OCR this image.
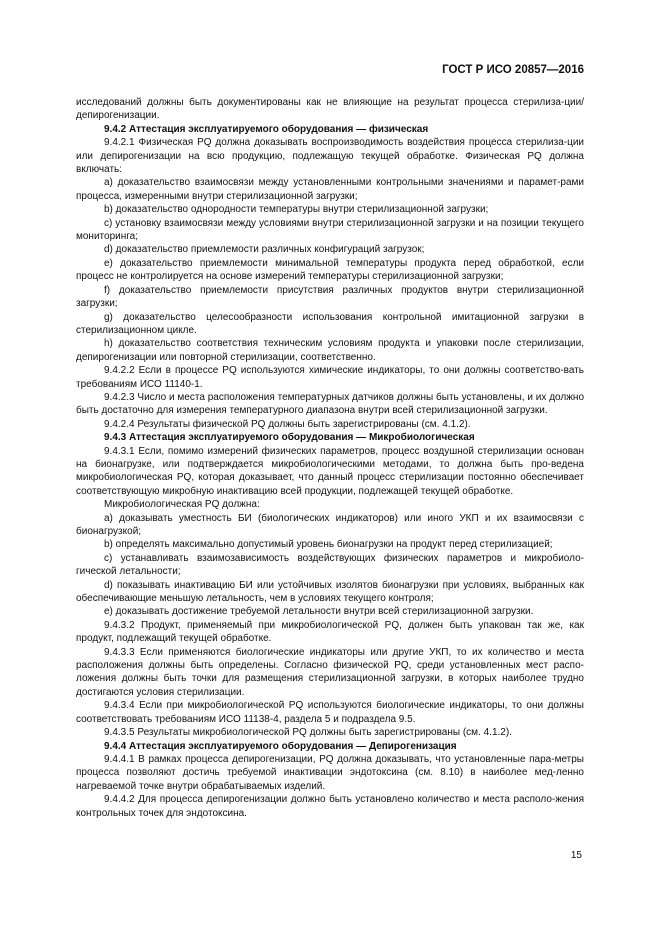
ГОСТ Р ИСО 20857—2016

исследований должны быть документированы как не влияющие на результат процесса стерилиза-ции/депирогенизации.

9.4.2 Аттестация эксплуатируемого оборудования — физическая

9.4.2.1 Физическая PQ должна доказывать воспроизводимость воздействия процесса стерилиза-ции или депирогенизации на всю продукцию, подлежащую текущей обработке. Физическая PQ должна включать:

a) доказательство взаимосвязи между установленными контрольными значениями и парамет-рами процесса, измеренными внутри стерилизационной загрузки;

b) доказательство однородности температуры внутри стерилизационной загрузки;

c) установку взаимосвязи между условиями внутри стерилизационной загрузки и на позиции текущего мониторинга;

d) доказательство приемлемости различных конфигураций загрузок;

e) доказательство приемлемости минимальной температуры продукта перед обработкой, если процесс не контролируется на основе измерений температуры стерилизационной загрузки;

f) доказательство приемлемости присутствия различных продуктов внутри стерилизационной загрузки;

g) доказательство целесообразности использования контрольной имитационной загрузки в стерилизационном цикле.

h) доказательство соответствия техническим условиям продукта и упаковки после стерилизации, депирогенизации или повторной стерилизации, соответственно.

9.4.2.2 Если в процессе PQ используются химические индикаторы, то они должны соответство-вать требованиям ИСО 11140-1.

9.4.2.3 Число и места расположения температурных датчиков должны быть установлены, и их должно быть достаточно для измерения температурного диапазона внутри всей стерилизационной загрузки.

9.4.2.4 Результаты физической PQ должны быть зарегистрированы (см. 4.1.2).

9.4.3 Аттестация эксплуатируемого оборудования — Микробиологическая

9.4.3.1 Если, помимо измерений физических параметров, процесс воздушной стерилизации основан на бионагрузке, или подтверждается микробиологическими методами, то должна быть про-ведена микробиологическая PQ, которая доказывает, что данный процесс стерилизации постоянно обеспечивает соответствующую микробную инактивацию всей продукции, подлежащей текущей обработке.

Микробиологическая PQ должна:

a) доказывать уместность БИ (биологических индикаторов) или иного УКП и их взаимосвязи с бионагрузкой;

b) определять максимально допустимый уровень бионагрузки на продукт перед стерилизацией;

c) устанавливать взаимозависимость воздействующих физических параметров и микробиоло-гической летальности;

d) показывать инактивацию БИ или устойчивых изолятов бионагрузки при условиях, выбранных как обеспечивающие меньшую летальность, чем в условиях текущего контроля;

e) доказывать достижение требуемой летальности внутри всей стерилизационной загрузки.

9.4.3.2 Продукт, применяемый при микробиологической PQ, должен быть упакован так же, как продукт, подлежащий текущей обработке.

9.4.3.3 Если применяются биологические индикаторы или другие УКП, то их количество и места расположения должны быть определены. Согласно физической PQ, среди установленных мест распо-ложения должны быть точки для размещения стерилизационной загрузки, в которых наиболее трудно достигаются условия стерилизации.

9.4.3.4 Если при микробиологической PQ используются биологические индикаторы, то они должны соответствовать требованиям ИСО 11138-4, раздела 5 и подраздела 9.5.

9.4.3.5 Результаты микробиологической PQ должны быть зарегистрированы (см. 4.1.2).

9.4.4 Аттестация эксплуатируемого оборудования — Депирогенизация

9.4.4.1 В рамках процесса депирогенизации, PQ должна доказывать, что установленные пара-метры процесса позволяют достичь требуемой инактивации эндотоксина (см. 8.10) в наиболее мед-ленно нагреваемой точке внутри обрабатываемых изделий.

9.4.4.2 Для процесса депирогенизации должно быть установлено количество и места располо-жения контрольных точек для эндотоксина.

15
